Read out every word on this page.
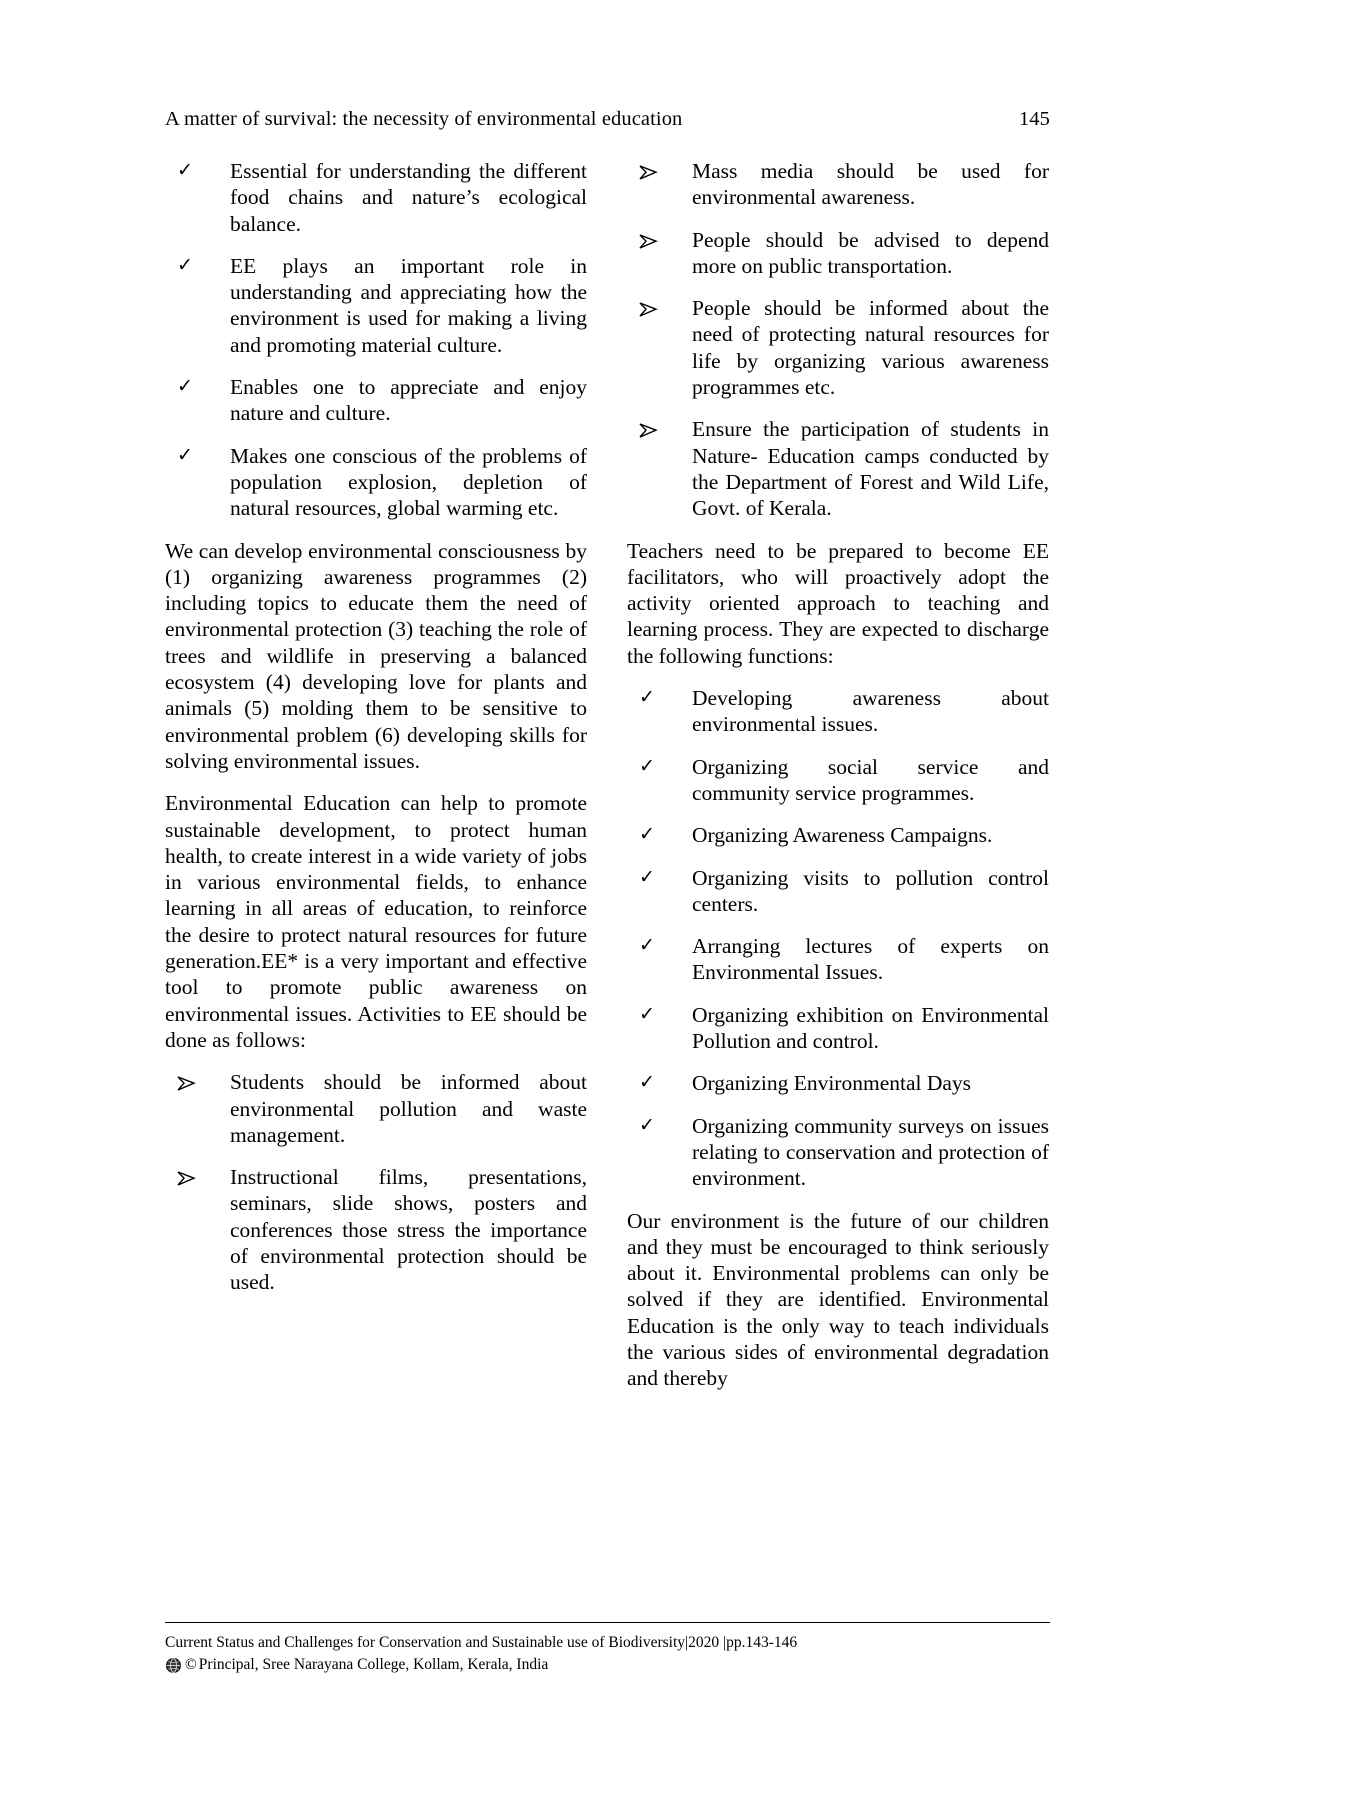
A matter of survival: the necessity of environmental education	145
✓	Essential for understanding the different food chains and nature’s ecological balance.
✓	EE plays an important role in understanding and appreciating how the environment is used for making a living and promoting material culture.
✓	Enables one to appreciate and enjoy nature and culture.
✓	Makes one conscious of the problems of population explosion, depletion of natural resources, global warming etc.

We can develop environmental consciousness by (1) organizing awareness programmes (2) including topics to educate them the need of environmental protection (3) teaching the role of trees and wildlife in preserving a balanced ecosystem (4) developing love for plants and animals (5) molding them to be sensitive to environmental problem (6) developing skills for solving environmental issues.

Environmental Education can help to promote sustainable development, to protect human health, to create interest in a wide variety of jobs in various environmental fields, to enhance learning in all areas of education, to reinforce the desire to protect natural resources for future generation.EE* is a very important and effective tool to promote public awareness on environmental issues. Activities to EE should be done as follows:

Students should be informed about environmental pollution and waste management.
Instructional films, presentations, seminars, slide shows, posters and conferences those stress the importance of environmental protection should be used.
Mass media should be used for environmental awareness.
People should be advised to depend more on public transportation.
People should be informed about the need of protecting natural resources for life by organizing various awareness programmes etc.
Ensure the participation of students in Nature- Education camps conducted by the Department of Forest and Wild Life, Govt. of Kerala.

Teachers need to be prepared to become EE facilitators, who will proactively adopt the activity oriented approach to teaching and learning process. They are expected to discharge the following functions:

✓	Developing awareness about environmental issues.
✓	Organizing social service and community service programmes.
✓	Organizing Awareness Campaigns.
✓	Organizing visits to pollution control centers.
✓	Arranging lectures of experts on Environmental Issues.
✓	Organizing exhibition on Environmental Pollution and control.
✓	Organizing Environmental Days
✓	Organizing community surveys on issues relating to conservation and protection of environment.

Our environment is the future of our children and they must be encouraged to think seriously about it. Environmental problems can only be solved if they are identified. Environmental Education is the only way to teach individuals the various sides of environmental degradation and thereby

Current Status and Challenges for Conservation and Sustainable use of Biodiversity|2020 |pp.143-146
© Principal, Sree Narayana College, Kollam, Kerala, India
